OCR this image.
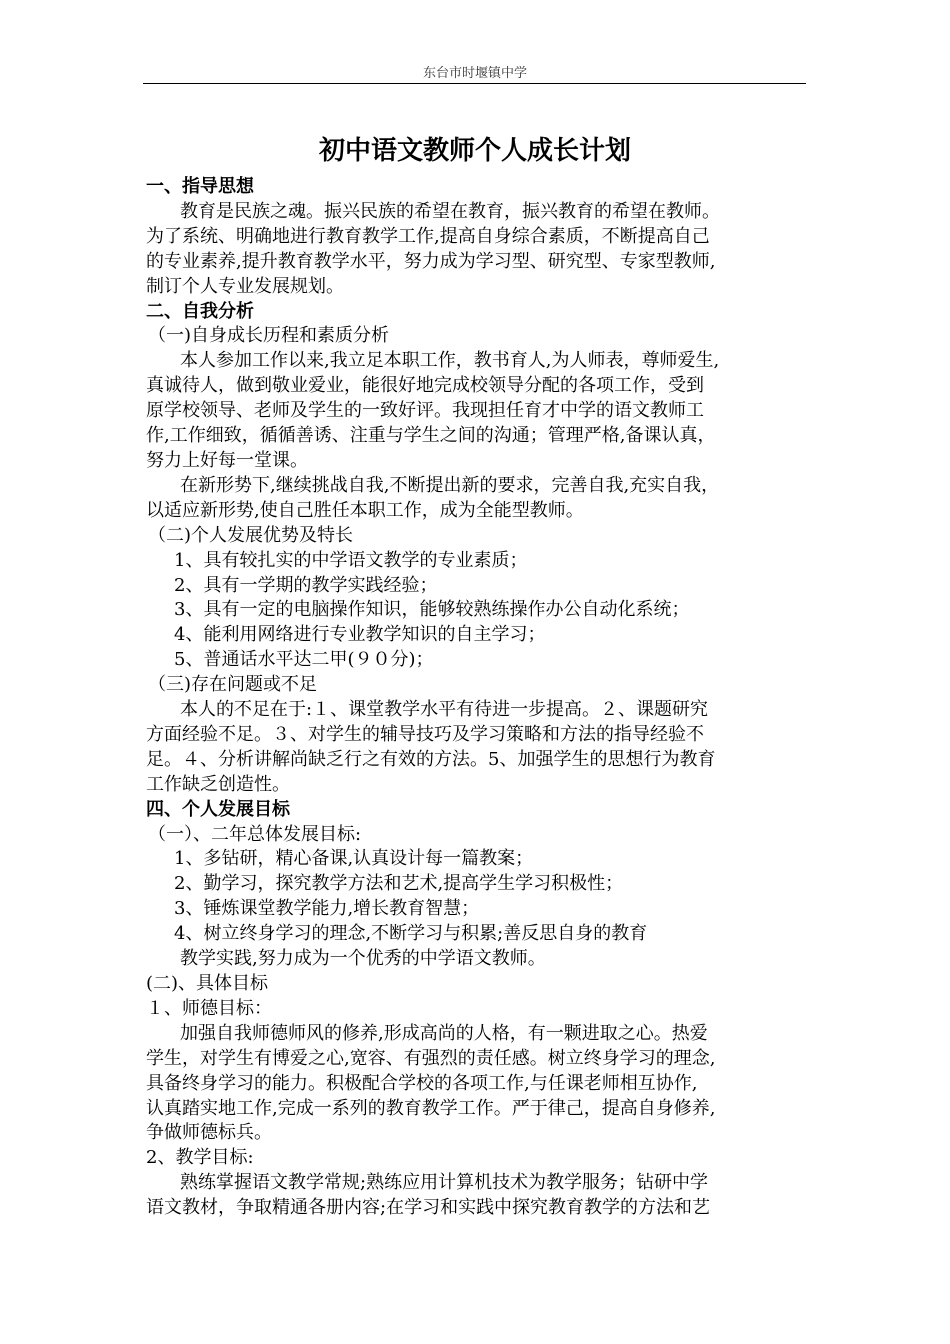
东台市时堰镇中学
初中语文教师个人成长计划

一、指导思想

教育是民族之魂。振兴民族的希望在教育，振兴教育的希望在教师。

为了系统、明确地进行教育教学工作,提高自身综合素质，不断提高自己

的专业素养,提升教育教学水平，努力成为学习型、研究型、专家型教师,

制订个人专业发展规划。

二、自我分析

（一)自身成长历程和素质分析

本人参加工作以来,我立足本职工作，教书育人,为人师表，尊师爱生,

真诚待人，做到敬业爱业，能很好地完成校领导分配的各项工作，受到

原学校领导、老师及学生的一致好评。我现担任育才中学的语文教师工

作,工作细致，循循善诱、注重与学生之间的沟通；管理严格,备课认真，

努力上好每一堂课。

在新形势下,继续挑战自我,不断提出新的要求，完善自我,充实自我，

以适应新形势,使自己胜任本职工作，成为全能型教师。

（二)个人发展优势及特长

1、具有较扎实的中学语文教学的专业素质；

2、具有一学期的教学实践经验；

3、具有一定的电脑操作知识，能够较熟练操作办公自动化系统；

4、能利用网络进行专业教学知识的自主学习；

5、普通话水平达二甲(９０分)；

（三)存在问题或不足

本人的不足在于:１、课堂教学水平有待进一步提高。２、课题研究

方面经验不足。３、对学生的辅导技巧及学习策略和方法的指导经验不

足。４、分析讲解尚缺乏行之有效的方法。5、加强学生的思想行为教育

工作缺乏创造性。

四、个人发展目标

（一）、二年总体发展目标:

1、多钻研，精心备课,认真设计每一篇教案；

2、勤学习，探究教学方法和艺术,提高学生学习积极性；

3、锤炼课堂教学能力,增长教育智慧；

4、树立终身学习的理念,不断学习与积累;善反思自身的教育

教学实践,努力成为一个优秀的中学语文教师。

(二)、具体目标

１、师德目标：

加强自我师德师风的修养,形成高尚的人格，有一颗进取之心。热爱

学生，对学生有博爱之心,宽容、有强烈的责任感。树立终身学习的理念,

具备终身学习的能力。积极配合学校的各项工作,与任课老师相互协作,

认真踏实地工作,完成一系列的教育教学工作。严于律己，提高自身修养,

争做师德标兵。

2、教学目标:

熟练掌握语文教学常规;熟练应用计算机技术为教学服务；钻研中学

语文教材，争取精通各册内容;在学习和实践中探究教育教学的方法和艺
